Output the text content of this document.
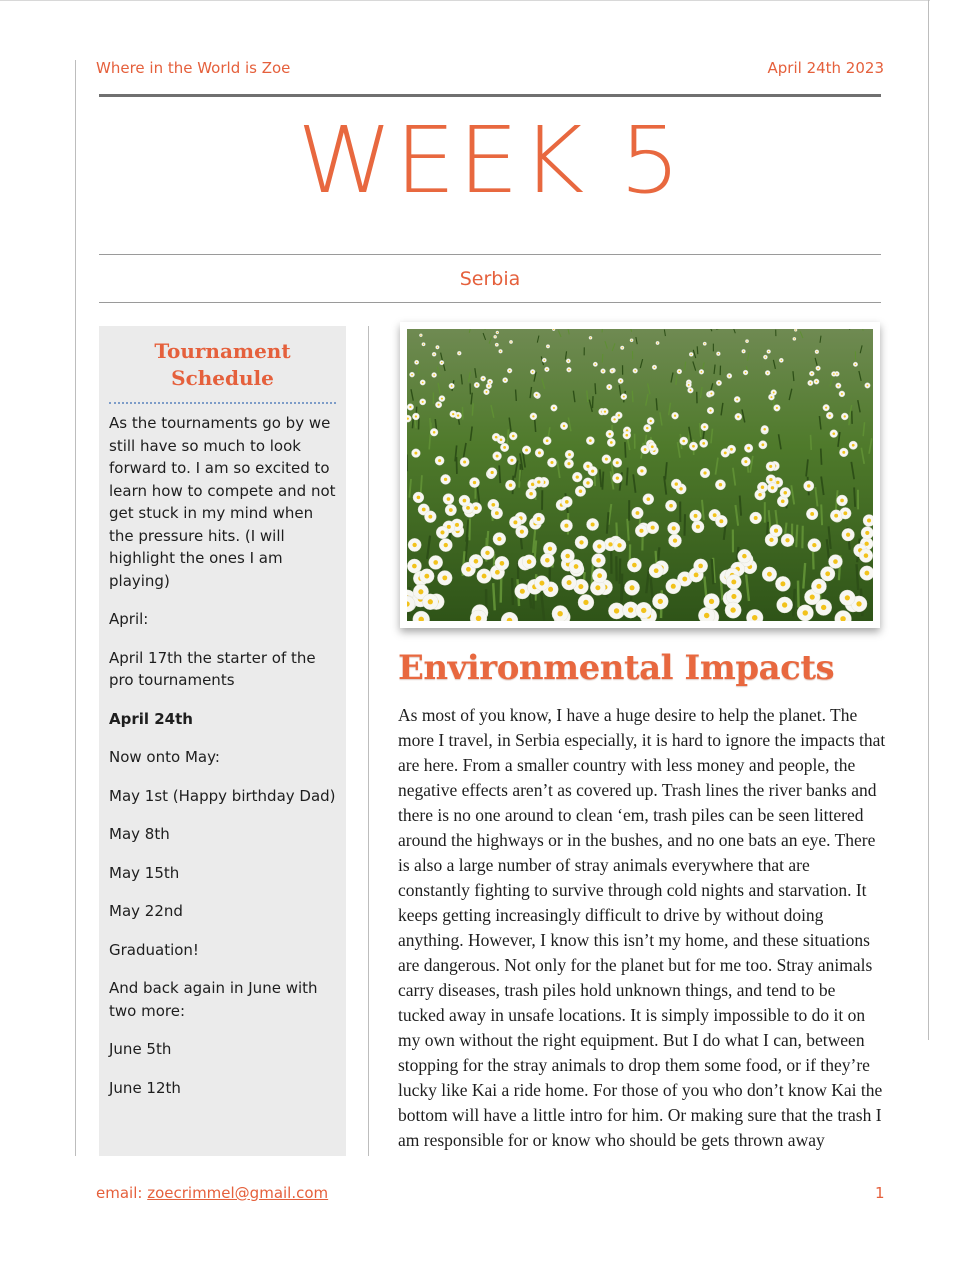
Where in the World is Zoe	April 24th 2023
WEEK 5
Serbia
Tournament
Schedule

As the tournaments go by we still have so much to look forward to. I am so excited to learn how to compete and not get stuck in my mind when the pressure hits. (I will highlight the ones I am playing)

April:

April 17th the starter of the pro tournaments

April 24th

Now onto May:

May 1st (Happy birthday Dad)

May 8th

May 15th

May 22nd

Graduation!

And back again in June with two more:

June 5th

June 12th

Environmental Impacts
As most of you know, I have a huge desire to help the planet. The more I travel, in Serbia especially, it is hard to ignore the impacts that are here. From a smaller country with less money and people, the negative effects aren’t as covered up. Trash lines the river banks and there is no one around to clean ‘em, trash piles can be seen littered around the highways or in the bushes, and no one bats an eye. There is also a large number of stray animals everywhere that are constantly fighting to survive through cold nights and starvation. It keeps getting increasingly difficult to drive by without doing anything. However, I know this isn’t my home, and these situations are dangerous. Not only for the planet but for me too. Stray animals carry diseases, trash piles hold unknown things, and tend to be tucked away in unsafe locations. It is simply impossible to do it on my own without the right equipment. But I do what I can, between stopping for the stray animals to drop them some food, or if they’re lucky like Kai a ride home. For those of you who don’t know Kai the bottom will have a little intro for him. Or making sure that the trash I am responsible for or know who should be gets thrown away
email: zoecrimmel@gmail.com	1
